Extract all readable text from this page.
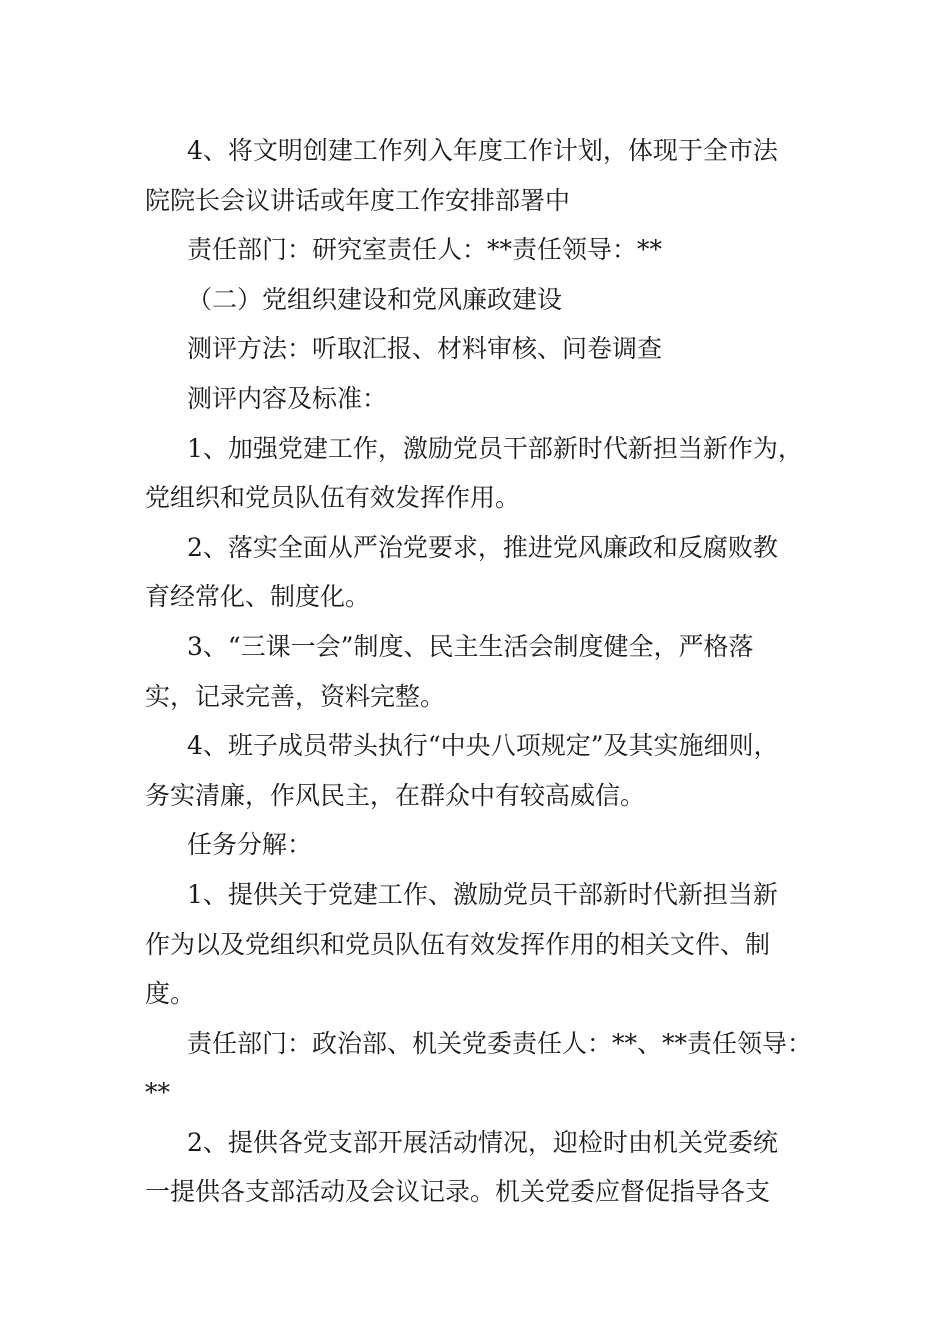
4、将文明创建工作列入年度工作计划，体现于全市法

院院长会议讲话或年度工作安排部署中

责任部门：研究室责任人：**责任领导：**

（二）党组织建设和党风廉政建设

测评方法：听取汇报、材料审核、问卷调查

测评内容及标准：

1、加强党建工作，激励党员干部新时代新担当新作为，

党组织和党员队伍有效发挥作用。

2、落实全面从严治党要求，推进党风廉政和反腐败教

育经常化、制度化。

3、“三课一会”制度、民主生活会制度健全，严格落

实，记录完善，资料完整。

4、班子成员带头执行“中央八项规定”及其实施细则，

务实清廉，作风民主，在群众中有较高威信。

任务分解：

1、提供关于党建工作、激励党员干部新时代新担当新

作为以及党组织和党员队伍有效发挥作用的相关文件、制

度。

责任部门：政治部、机关党委责任人：**、**责任领导：

**

2、提供各党支部开展活动情况，迎检时由机关党委统

一提供各支部活动及会议记录。机关党委应督促指导各支
